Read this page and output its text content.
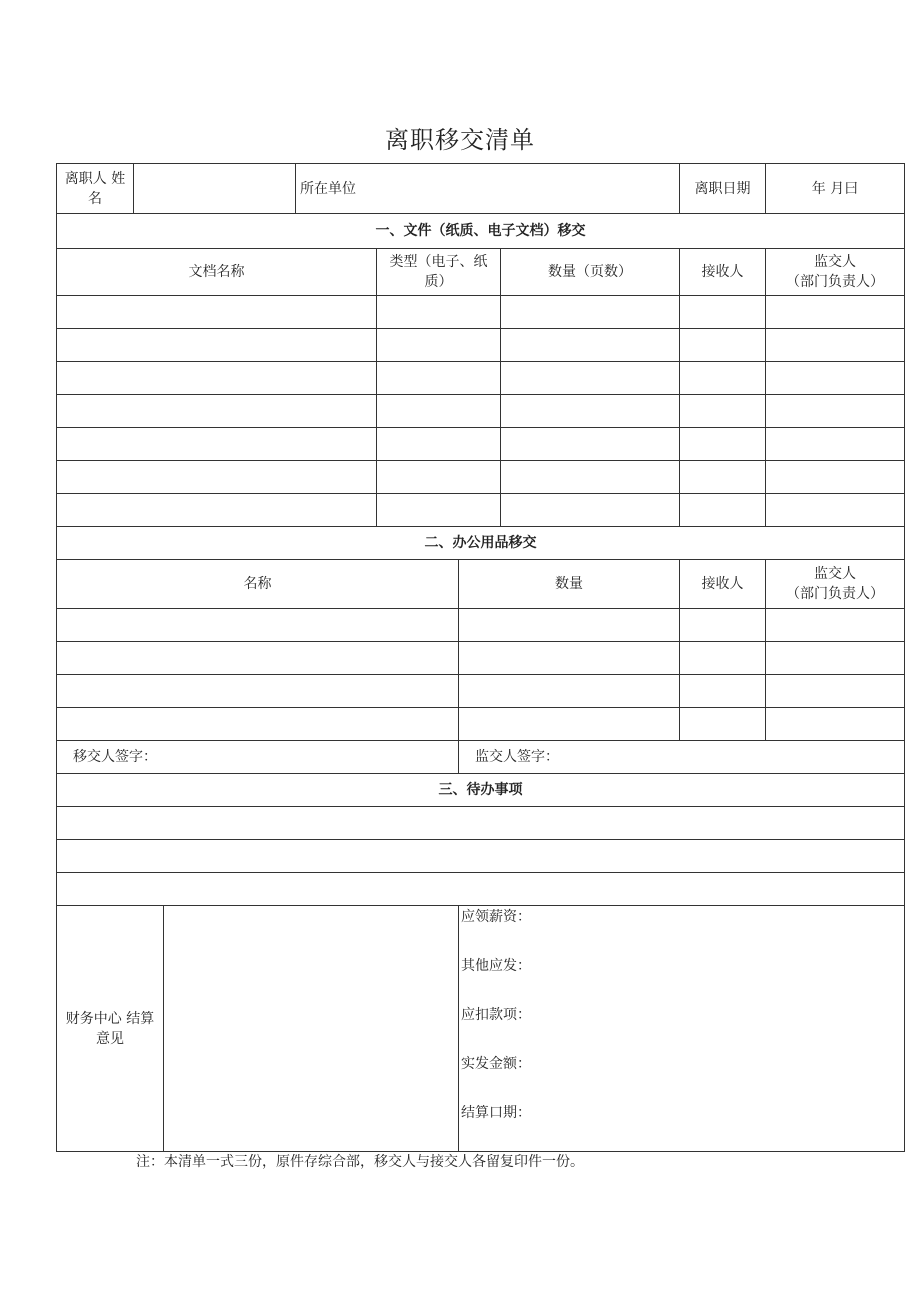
离职移交清单
离职人 姓
名			所在单位				离职日期	年 月曰
一、文件（纸质、电子文档）移交								
文档名称				类型（电子、纸
质）		数量（页数）	接收人	监交人
（部门负责人）

二、办公用品移交								
名称					数量		接收人	监交人
（部门负责人）

移交人签字：					监交人签字：			
三、待办事项								

财务中心 结算
意见					应领薪资：
其他应发：
应扣款项：
实发金额：
结算口期：			
注：本清单一式三份，原件存综合部，移交人与接交人各留复印件一份。
